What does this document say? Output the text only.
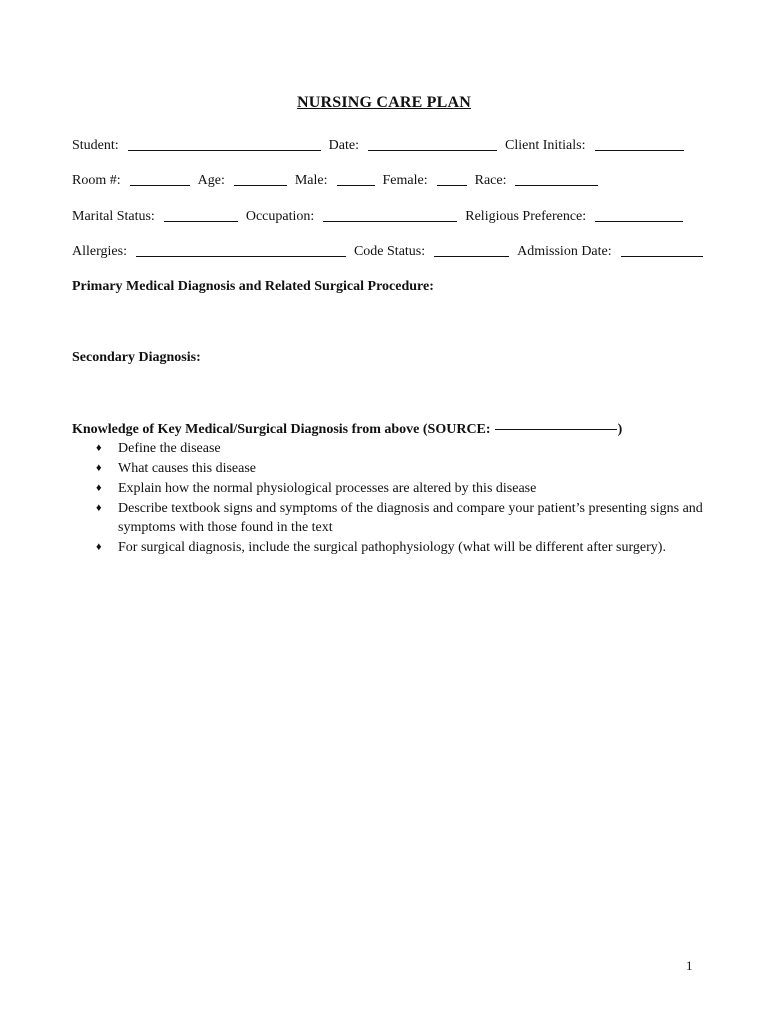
NURSING CARE PLAN
Student:	Date:	Client Initials:
Room #:	Age:	Male:	Female:	Race:
Marital Status:	Occupation:	Religious Preference:
Allergies:	Code Status:	Admission Date:
Primary Medical Diagnosis and Related Surgical Procedure:
Secondary Diagnosis:
Knowledge of Key Medical/Surgical Diagnosis from above (SOURCE:	)
♦	Define the disease
♦	What causes this disease
♦	Explain how the normal physiological processes are altered by this disease
♦	Describe textbook signs and symptoms of the diagnosis and compare your patient’s presenting signs and symptoms with those found in the text
♦	For surgical diagnosis, include the surgical pathophysiology (what will be different after surgery).
1
